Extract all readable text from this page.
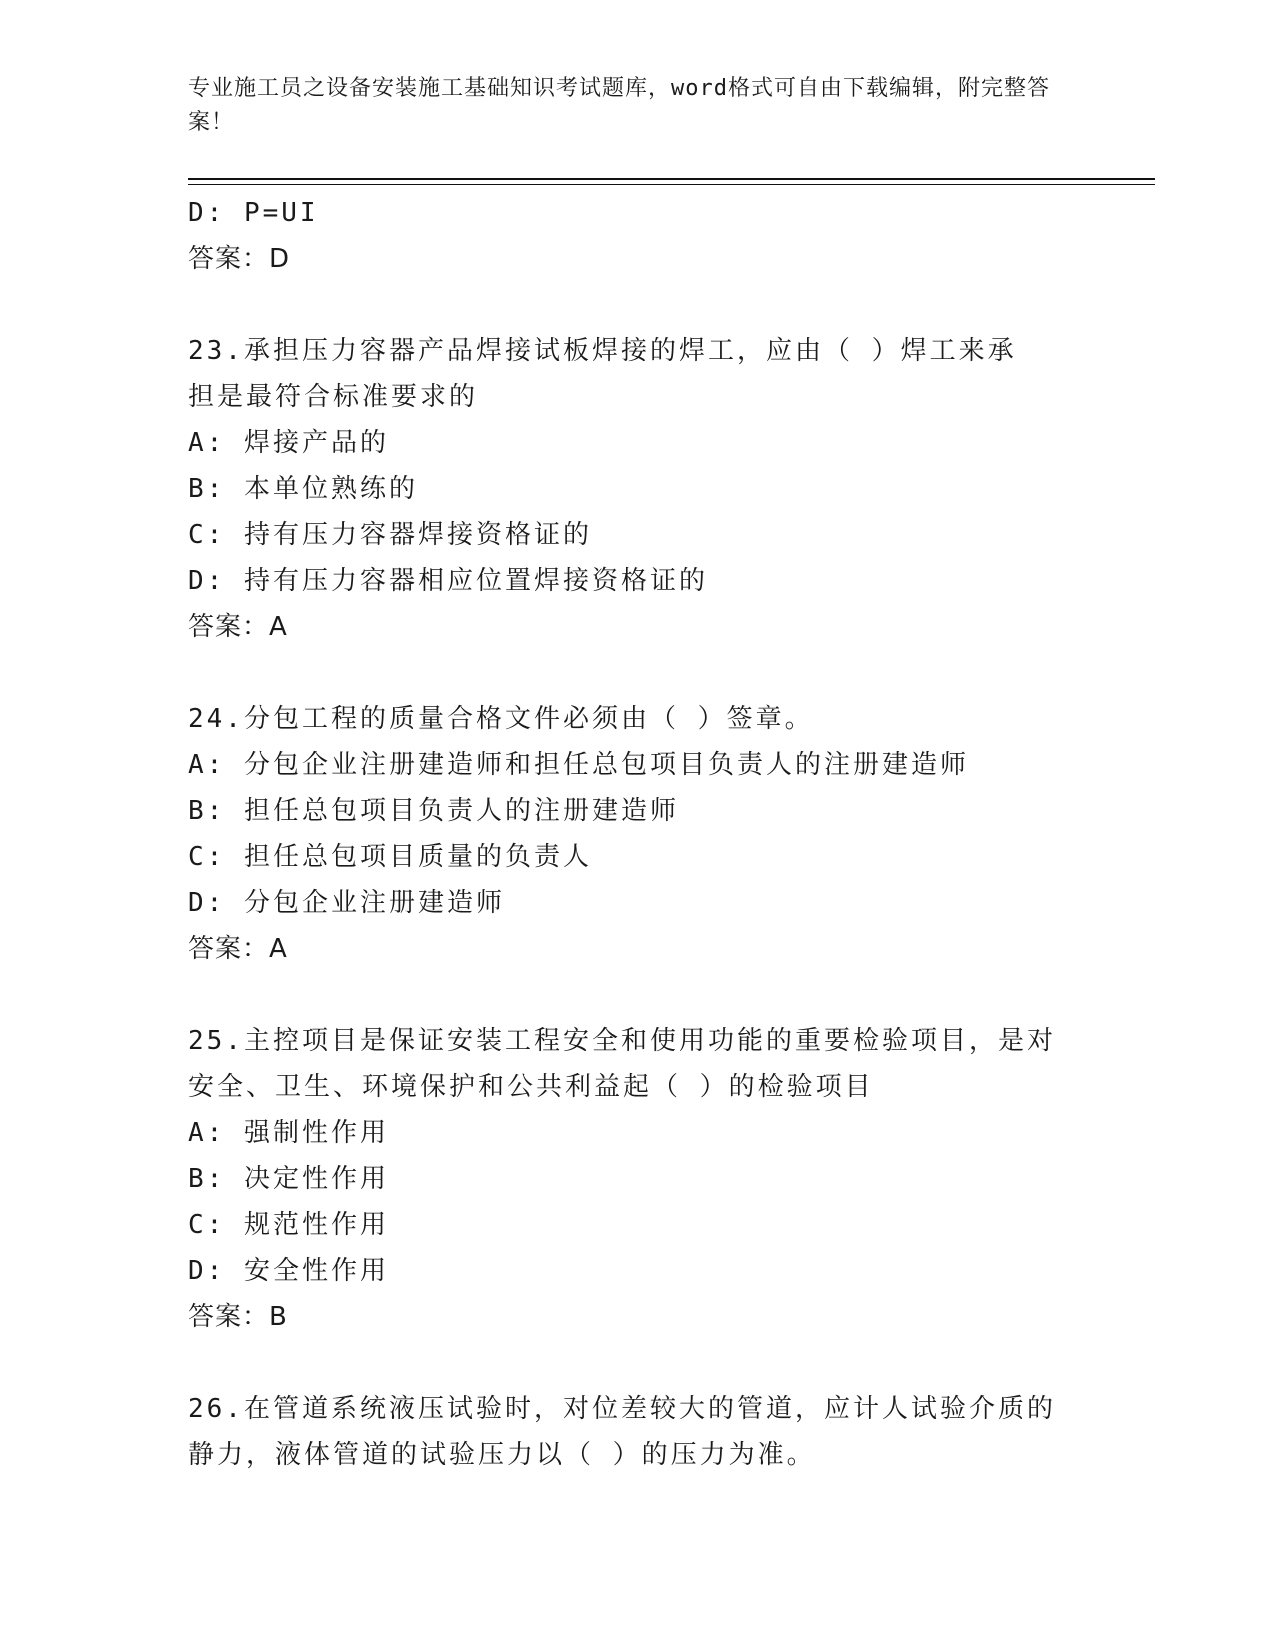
专业施工员之设备安装施工基础知识考试题库，word格式可自由下载编辑，附完整答案！
D: P=UI
答案：D
23.承担压力容器产品焊接试板焊接的焊工，应由（ ）焊工来承担是最符合标准要求的
A: 焊接产品的
B: 本单位熟练的
C: 持有压力容器焊接资格证的
D: 持有压力容器相应位置焊接资格证的
答案：A
24.分包工程的质量合格文件必须由（ ）签章。
A: 分包企业注册建造师和担任总包项目负责人的注册建造师
B: 担任总包项目负责人的注册建造师
C: 担任总包项目质量的负责人
D: 分包企业注册建造师
答案：A
25.主控项目是保证安装工程安全和使用功能的重要检验项目，是对安全、卫生、环境保护和公共利益起（ ）的检验项目
A: 强制性作用
B: 决定性作用
C: 规范性作用
D: 安全性作用
答案：B
26.在管道系统液压试验时，对位差较大的管道，应计人试验介质的静力，液体管道的试验压力以（ ）的压力为准。
